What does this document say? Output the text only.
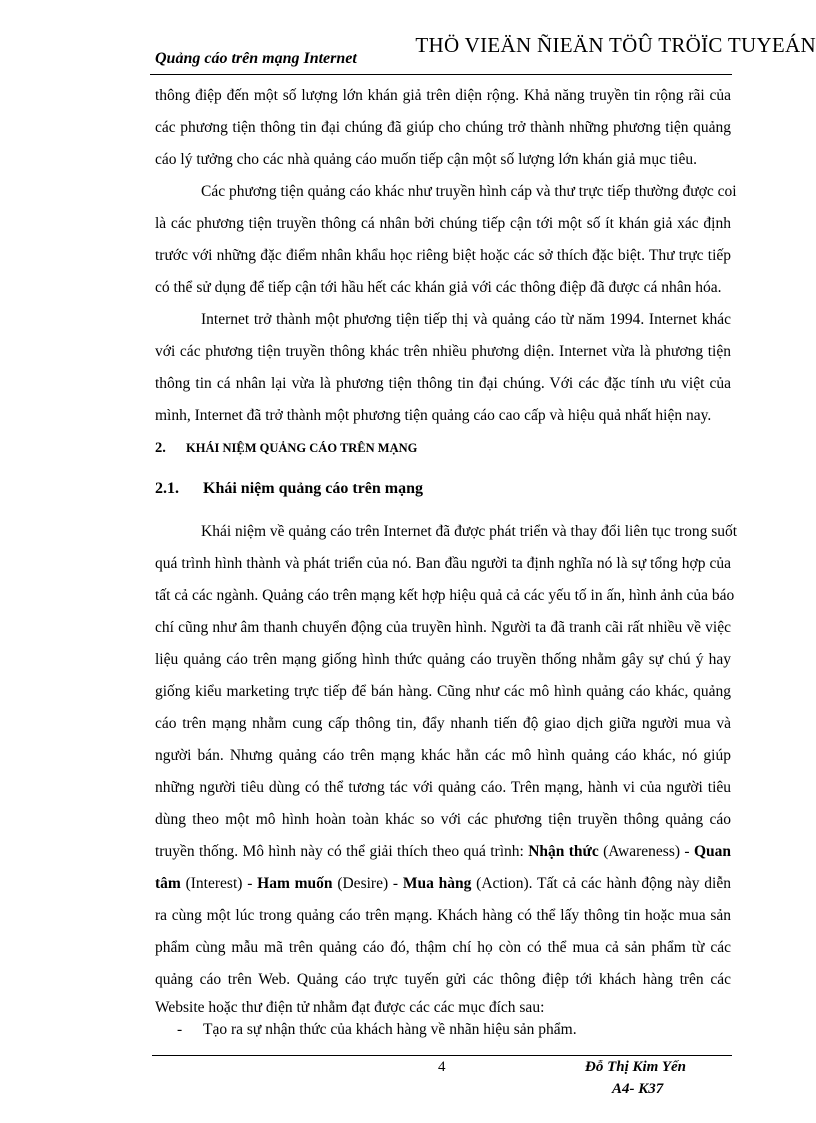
THÖ VIEÄN ÑIEÄN TÖÛ TRÖÏC TUYEÁN
Quảng cáo trên mạng Internet
thông điệp đến một số lượng lớn khán giả trên diện rộng. Khả năng truyền tin rộng rãi của
các phương tiện thông tin đại chúng đã giúp cho chúng trở thành những phương tiện quảng
cáo lý tưởng cho các nhà quảng cáo muốn tiếp cận một số lượng lớn khán giả mục tiêu.
Các phương tiện quảng cáo khác như truyền hình cáp và thư trực tiếp thường được coi
là các phương tiện truyền thông cá nhân bởi chúng tiếp cận tới một số ít khán giả xác định
trước với những đặc điểm nhân khẩu học riêng biệt hoặc các sở thích đặc biệt. Thư trực tiếp
có thể sử dụng để tiếp cận tới hầu hết các khán giả với các thông điệp đã được cá nhân hóa.
Internet trở thành một phương tiện tiếp thị và quảng cáo từ năm 1994. Internet khác
với các phương tiện truyền thông khác trên nhiều phương diện. Internet vừa là phương tiện
thông tin cá nhân lại vừa là phương tiện thông tin đại chúng. Với các đặc tính ưu việt của
mình, Internet đã trở thành một phương tiện quảng cáo cao cấp và hiệu quả nhất hiện nay.
2. KHÁI NIỆM QUẢNG CÁO TRÊN MẠNG
2.1. Khái niệm quảng cáo trên mạng
Khái niệm về quảng cáo trên Internet đã được phát triển và thay đổi liên tục trong suốt
quá trình hình thành và phát triển của nó. Ban đầu người ta định nghĩa nó là sự tổng hợp của
tất cả các ngành. Quảng cáo trên mạng kết hợp hiệu quả cả các yếu tố in ấn, hình ảnh của báo
chí cũng như âm thanh chuyển động của truyền hình. Người ta đã tranh cãi rất nhiều về việc
liệu quảng cáo trên mạng giống hình thức quảng cáo truyền thống nhằm gây sự chú ý hay
giống kiểu marketing trực tiếp để bán hàng. Cũng như các mô hình quảng cáo khác, quảng
cáo trên mạng nhằm cung cấp thông tin, đẩy nhanh tiến độ giao dịch giữa người mua và
người bán. Nhưng quảng cáo trên mạng khác hẳn các mô hình quảng cáo khác, nó giúp
những người tiêu dùng có thể tương tác với quảng cáo. Trên mạng, hành vi của người tiêu
dùng theo một mô hình hoàn toàn khác so với các phương tiện truyền thông quảng cáo
truyền thống. Mô hình này có thể giải thích theo quá trình: Nhận thức (Awareness) - Quan
tâm (Interest) - Ham muốn (Desire) - Mua hàng (Action). Tất cả các hành động này diễn
ra cùng một lúc trong quảng cáo trên mạng. Khách hàng có thể lấy thông tin hoặc mua sản
phẩm cùng mẫu mã trên quảng cáo đó, thậm chí họ còn có thể mua cả sản phẩm từ các
quảng cáo trên Web. Quảng cáo trực tuyến gửi các thông điệp tới khách hàng trên các
Website hoặc thư điện tử nhằm đạt được các các mục đích sau:
- Tạo ra sự nhận thức của khách hàng về nhãn hiệu sản phẩm.
4	Đỗ Thị Kim Yến
A4- K37
